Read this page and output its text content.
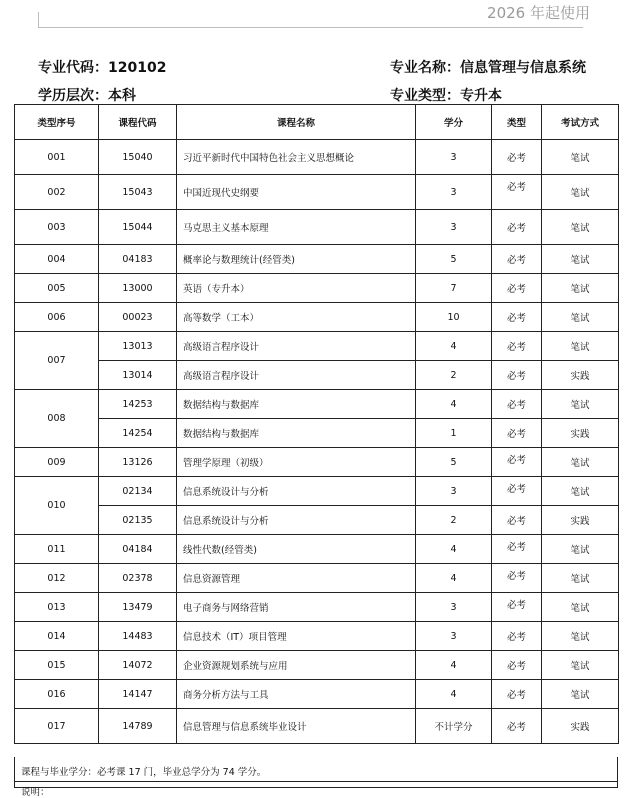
2026 年起使用
专业代码：120102	专业名称：信息管理与信息系统
学历层次：本科	专业类型：专升本
类型序号	课程代码	课程名称	学分	类型	考试方式
001	15040	习近平新时代中国特色社会主义思想概论	3	必考	笔试
002	15043	中国近现代史纲要	3	必考	笔试
003	15044	马克思主义基本原理	3	必考	笔试
004	04183	概率论与数理统计(经管类)	5	必考	笔试
005	13000	英语（专升本）	7	必考	笔试
006	00023	高等数学（工本）	10	必考	笔试
007	13013	高级语言程序设计	4	必考	笔试
	13014	高级语言程序设计	2	必考	实践
008	14253	数据结构与数据库	4	必考	笔试
	14254	数据结构与数据库	1	必考	实践
009	13126	管理学原理（初级）	5	必考	笔试
010	02134	信息系统设计与分析	3	必考	笔试
	02135	信息系统设计与分析	2	必考	实践
011	04184	线性代数(经管类)	4	必考	笔试
012	02378	信息资源管理	4	必考	笔试
013	13479	电子商务与网络营销	3	必考	笔试
014	14483	信息技术（IT）项目管理	3	必考	笔试
015	14072	企业资源规划系统与应用	4	必考	笔试
016	14147	商务分析方法与工具	4	必考	笔试
017	14789	信息管理与信息系统毕业设计	不计学分	必考	实践
课程与毕业学分：必考课 17 门，毕业总学分为 74 学分。
说明：
